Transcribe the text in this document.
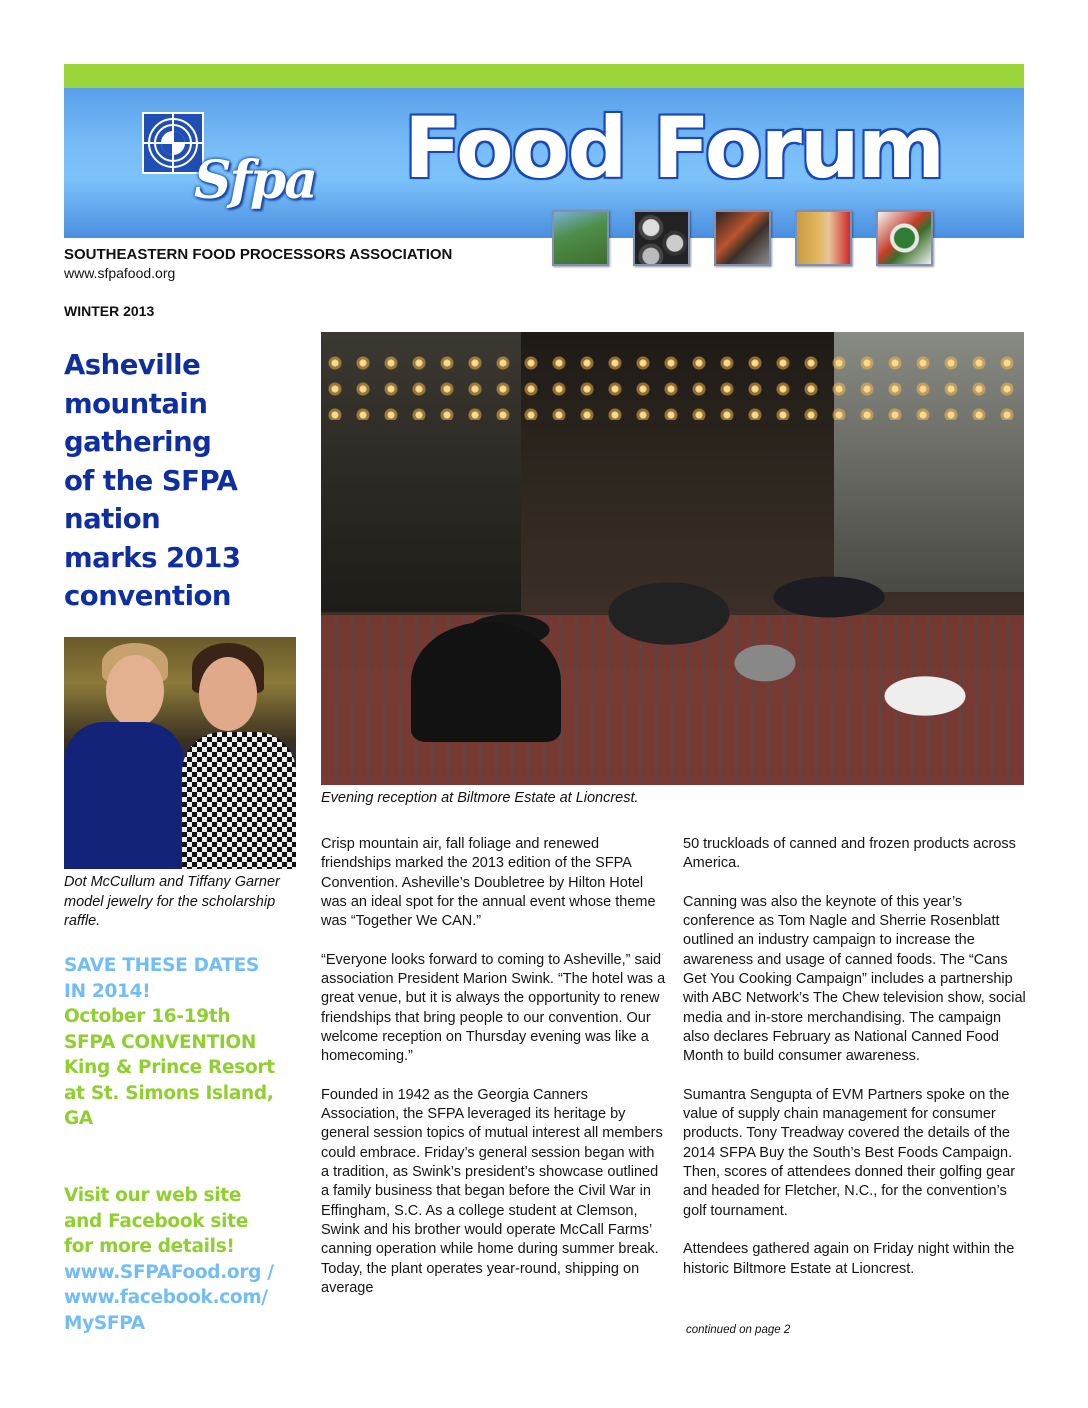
Sfpa Food Forum
SOUTHEASTERN FOOD PROCESSORS ASSOCIATION
www.sfpafood.org
WINTER 2013
Asheville
mountain
gathering
of the SFPA
nation
marks 2013
convention
Dot McCullum and Tiffany Garner model jewelry for the scholarship raffle.
SAVE THESE DATES
IN 2014!
October 16-19th
SFPA CONVENTION
King & Prince Resort
at St. Simons Island,
GA
Visit our web site
and Facebook site
for more details!
www.SFPAFood.org /
www.facebook.com/
MySFPA
Evening reception at Biltmore Estate at Lioncrest.

Crisp mountain air, fall foliage and renewed friendships marked the 2013 edition of the SFPA Convention. Asheville’s Doubletree by Hilton Hotel was an ideal spot for the annual event whose theme was “Together We CAN.”

“Everyone looks forward to coming to Asheville,” said association President Marion Swink. “The hotel was a great venue, but it is always the opportunity to renew friendships that bring people to our convention. Our welcome reception on Thursday evening was like a homecoming.”

Founded in 1942 as the Georgia Canners Association, the SFPA leveraged its heritage by general session topics of mutual interest all members could embrace. Friday’s general session began with a tradition, as Swink’s president’s showcase outlined a family business that began before the Civil War in Effingham, S.C. As a college student at Clemson, Swink and his brother would operate McCall Farms’ canning operation while home during summer break. Today, the plant operates year-round, shipping on average

50 truckloads of canned and frozen products across America.

Canning was also the keynote of this year’s conference as Tom Nagle and Sherrie Rosenblatt outlined an industry campaign to increase the awareness and usage of canned foods. The “Cans Get You Cooking Campaign” includes a partnership with ABC Network’s The Chew television show, social media and in-store merchandising. The campaign also declares February as National Canned Food Month to build consumer awareness.

Sumantra Sengupta of EVM Partners spoke on the value of supply chain management for consumer products. Tony Treadway covered the details of the 2014 SFPA Buy the South’s Best Foods Campaign. Then, scores of attendees donned their golfing gear and headed for Fletcher, N.C., for the convention’s golf tournament.

Attendees gathered again on Friday night within the historic Biltmore Estate at Lioncrest.

continued on page 2
